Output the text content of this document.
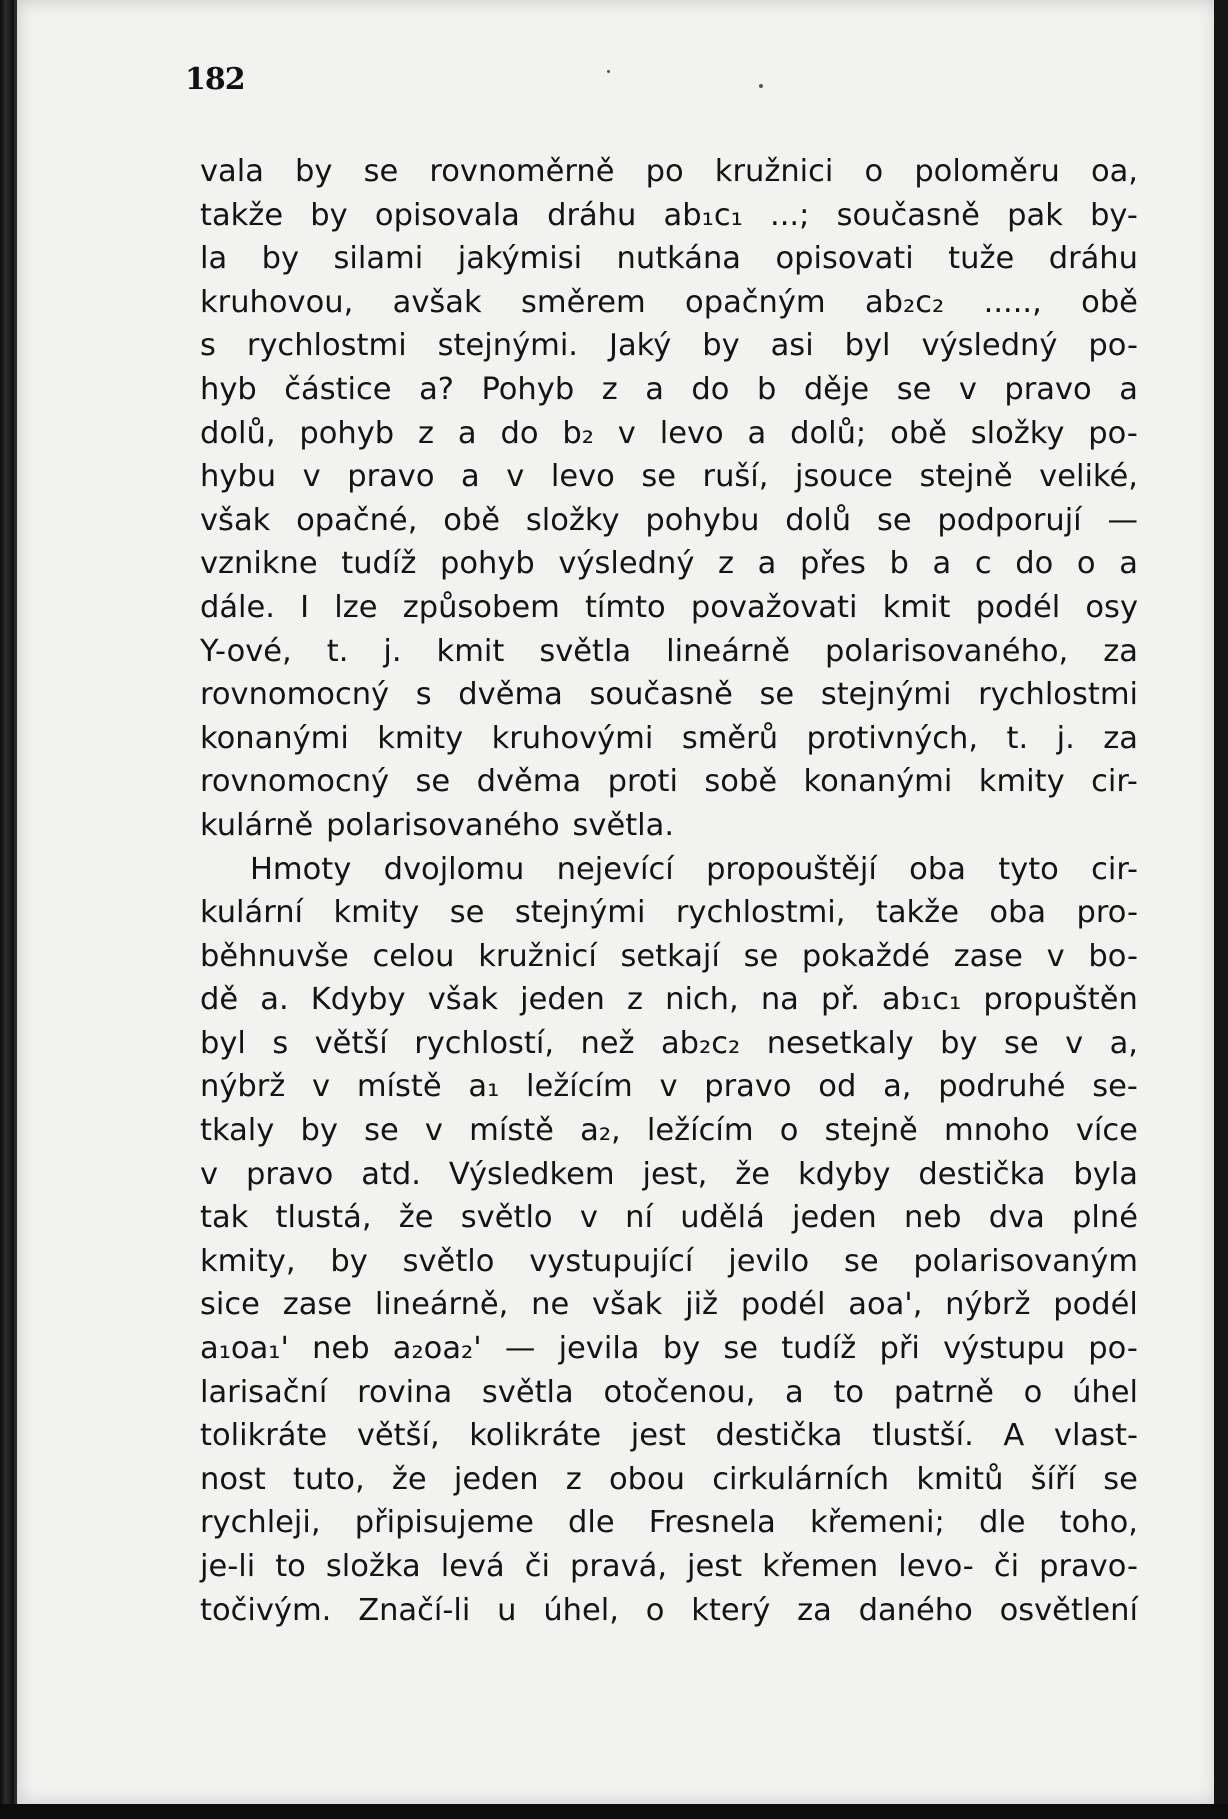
182
vala by se rovnoměrně po kružnici o poloměru oa,
takže by opisovala dráhu ab₁c₁ ...; současně pak by-
la by silami jakýmisi nutkána opisovati tuže dráhu
kruhovou, avšak směrem opačným ab₂c₂ ....., obě
s rychlostmi stejnými. Jaký by asi byl výsledný po-
hyb částice a? Pohyb z a do b děje se v pravo a
dolů, pohyb z a do b₂ v levo a dolů; obě složky po-
hybu v pravo a v levo se ruší, jsouce stejně veliké,
však opačné, obě složky pohybu dolů se podporují —
vznikne tudíž pohyb výsledný z a přes b a c do o a
dále. I lze způsobem tímto považovati kmit podél osy
Y-ové, t. j. kmit světla lineárně polarisovaného, za
rovnomocný s dvěma současně se stejnými rychlostmi
konanými kmity kruhovými směrů protivných, t. j. za
rovnomocný se dvěma proti sobě konanými kmity cir-
kulárně polarisovaného světla.
Hmoty dvojlomu nejevící propouštějí oba tyto cir-
kulární kmity se stejnými rychlostmi, takže oba pro-
běhnuvše celou kružnicí setkají se pokaždé zase v bo-
dě a. Kdyby však jeden z nich, na př. ab₁c₁ propuštěn
byl s větší rychlostí, než ab₂c₂ nesetkaly by se v a,
nýbrž v místě a₁ ležícím v pravo od a, podruhé se-
tkaly by se v místě a₂, ležícím o stejně mnoho více
v pravo atd. Výsledkem jest, že kdyby destička byla
tak tlustá, že světlo v ní udělá jeden neb dva plné
kmity, by světlo vystupující jevilo se polarisovaným
sice zase lineárně, ne však již podél aoa', nýbrž podél
a₁oa₁' neb a₂oa₂' — jevila by se tudíž při výstupu po-
larisační rovina světla otočenou, a to patrně o úhel
tolikráte větší, kolikráte jest destička tlustší. A vlast-
nost tuto, že jeden z obou cirkulárních kmitů šíří se
rychleji, připisujeme dle Fresnela křemeni; dle toho,
je-li to složka levá či pravá, jest křemen levo- či pravo-
točivým. Značí-li u úhel, o který za daného osvětlení
